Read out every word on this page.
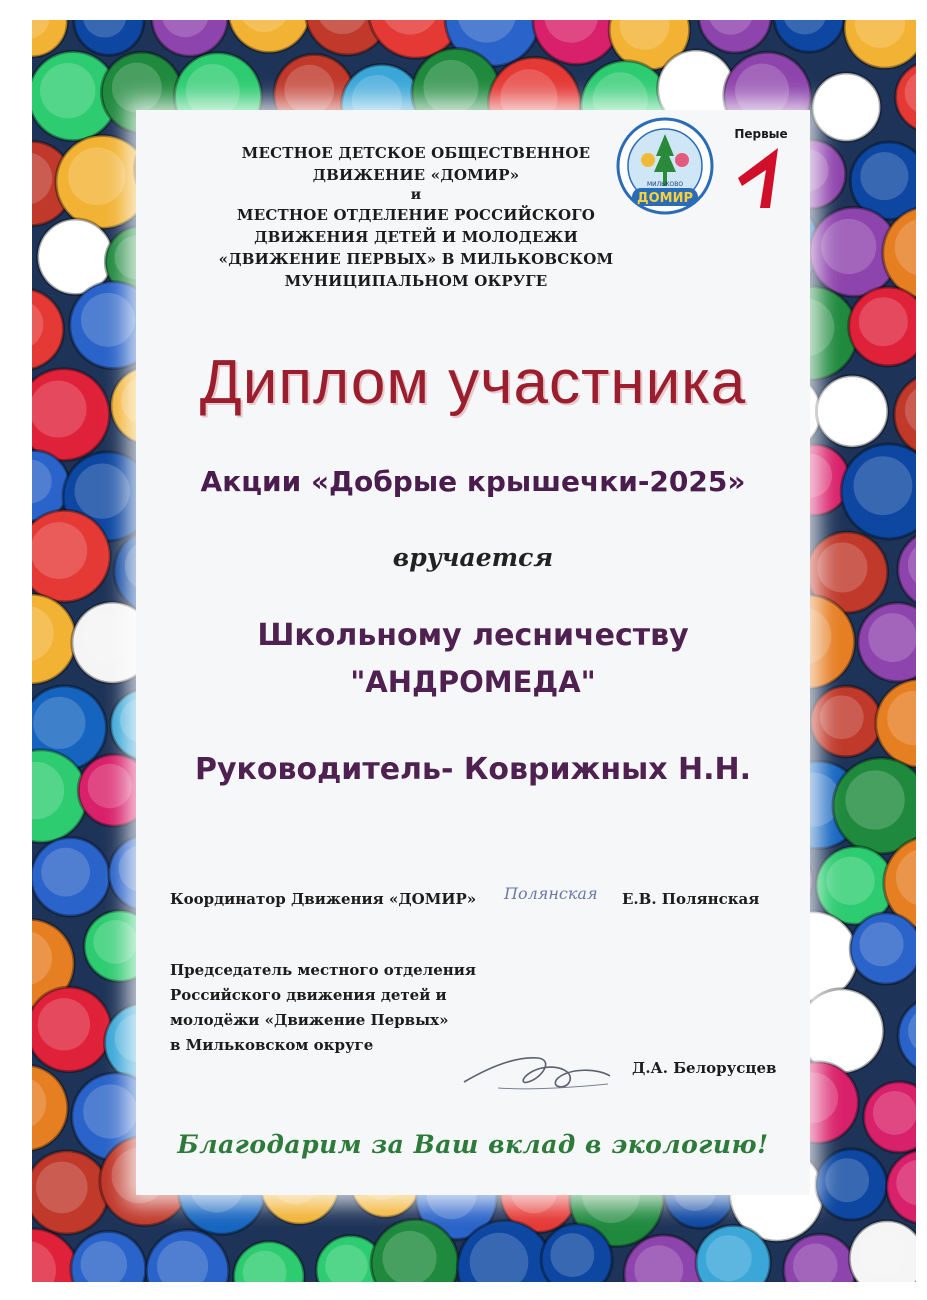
МЕСТНОЕ ДЕТСКОЕ ОБЩЕСТВЕННОЕ
ДВИЖЕНИЕ «ДОМИР»
и
МЕСТНОЕ ОТДЕЛЕНИЕ РОССИЙСКОГО
ДВИЖЕНИЯ ДЕТЕЙ И МОЛОДЕЖИ
«ДВИЖЕНИЕ ПЕРВЫХ» В МИЛЬКОВСКОМ
МУНИЦИПАЛЬНОМ ОКРУГЕ
ДОМИР
МИЛЬКОВО
Первые
Диплом участника
Акции «Добрые крышечки-2025»
вручается
Школьному лесничеству
"АНДРОМЕДА"
Руководитель- Коврижных Н.Н.
Координатор Движения «ДОМИР» Полянская Е.В. Полянская
Председатель местного отделения
Российского движения детей и
молодёжи «Движение Первых»
в Мильковском округе
Д.А. Белорусцев
Благодарим за Ваш вклад в экологию!
